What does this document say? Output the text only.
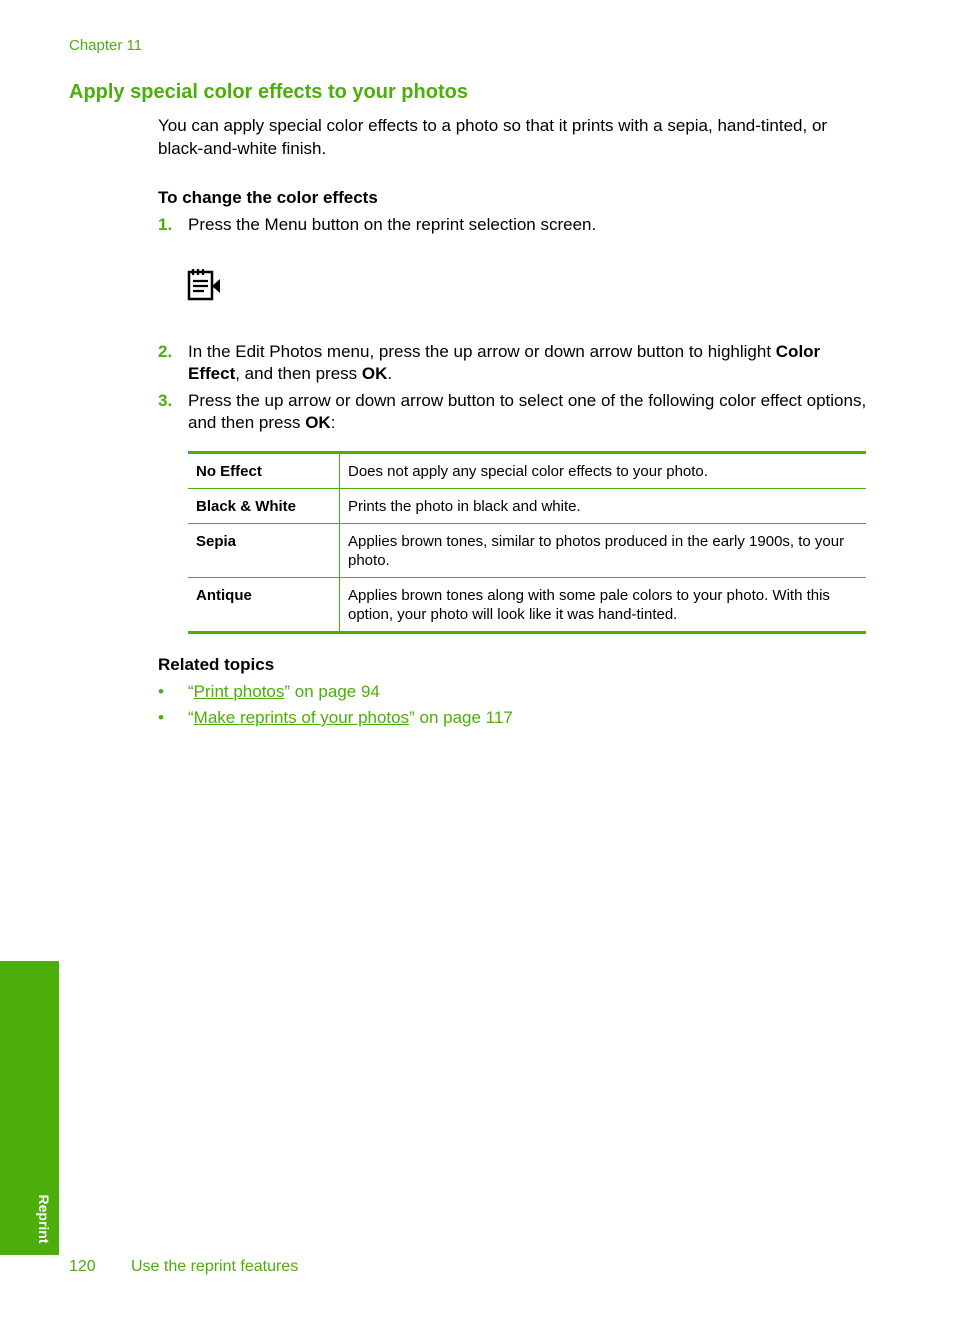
Chapter 11
Apply special color effects to your photos
You can apply special color effects to a photo so that it prints with a sepia, hand-tinted, or black-and-white finish.
To change the color effects
1. Press the Menu button on the reprint selection screen.
2. In the Edit Photos menu, press the up arrow or down arrow button to highlight Color Effect, and then press OK.
3. Press the up arrow or down arrow button to select one of the following color effect options, and then press OK:
No Effect	Does not apply any special color effects to your photo.
Black & White	Prints the photo in black and white.
Sepia	Applies brown tones, similar to photos produced in the early 1900s, to your photo.
Antique	Applies brown tones along with some pale colors to your photo. With this option, your photo will look like it was hand-tinted.
Related topics
• “Print photos” on page 94
• “Make reprints of your photos” on page 117
Reprint
120 Use the reprint features
